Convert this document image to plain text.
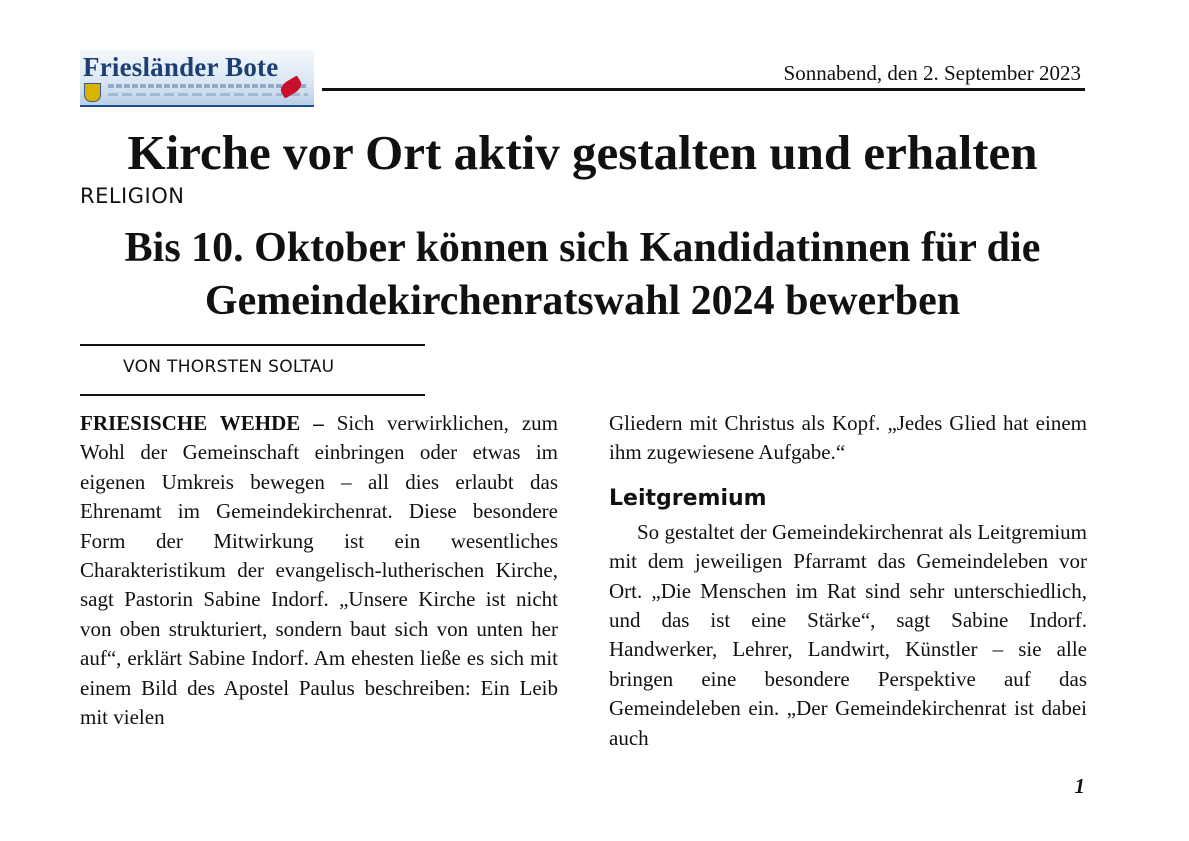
Friesländer Bote	Sonnabend, den 2. September 2023
Kirche vor Ort aktiv gestalten und erhalten
RELIGION
Bis 10. Oktober können sich Kandidatinnen für die Gemeindekirchenratswahl 2024 bewerben
VON THORSTEN SOLTAU

FRIESISCHE WEHDE – Sich verwirklichen, zum Wohl der Gemeinschaft einbringen oder etwas im eigenen Umkreis bewegen – all dies erlaubt das Ehrenamt im Gemeindekirchenrat. Diese besondere Form der Mitwirkung ist ein wesentliches Charakteristikum der evangelisch-lutherischen Kirche, sagt Pastorin Sabine Indorf. „Unsere Kirche ist nicht von oben strukturiert, sondern baut sich von unten her auf“, erklärt Sabine Indorf. Am ehesten ließe es sich mit einem Bild des Apostel Paulus beschreiben: Ein Leib mit vielen

Gliedern mit Christus als Kopf. „Jedes Glied hat einem ihm zugewiesene Aufgabe.“

Leitgremium

So gestaltet der Gemeindekirchenrat als Leitgremium mit dem jeweiligen Pfarramt das Gemeindeleben vor Ort. „Die Menschen im Rat sind sehr unterschiedlich, und das ist eine Stärke“, sagt Sabine Indorf. Handwerker, Lehrer, Landwirt, Künstler – sie alle bringen eine besondere Perspektive auf das Gemeindeleben ein. „Der Gemeindekirchenrat ist dabei auch

1
